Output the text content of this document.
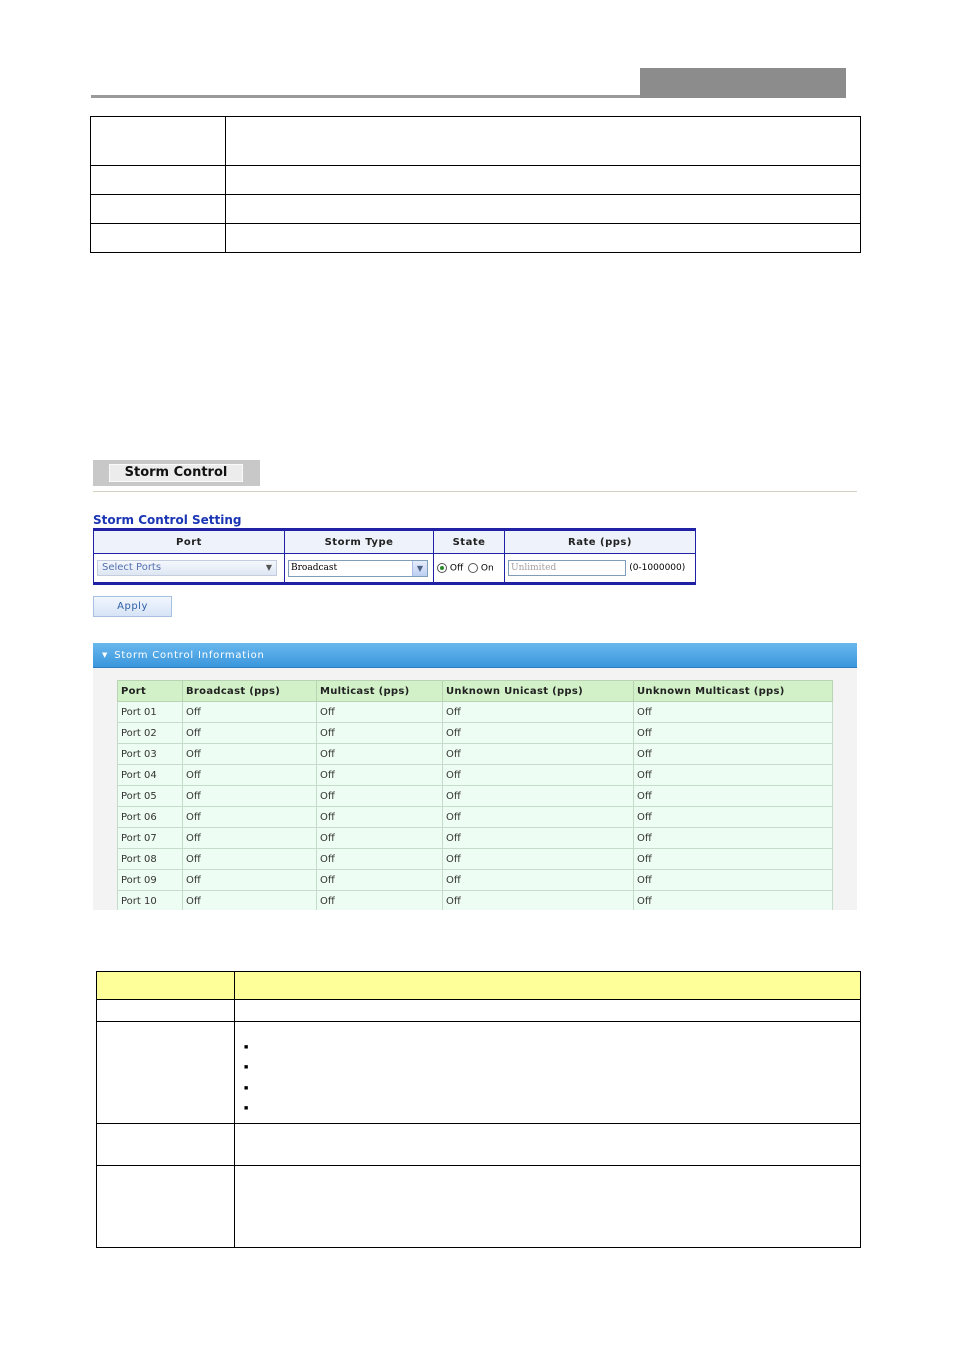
Storm Control
Storm Control Setting
Port	Storm Type	State	Rate (pps)
Select Ports ▼	Broadcast ▼	Off On	Unlimited (0-1000000)
Apply
▼ Storm Control Information
Port	Broadcast (pps)	Multicast (pps)	Unknown Unicast (pps)	Unknown Multicast (pps)
Port 01	Off	Off	Off	Off
Port 02	Off	Off	Off	Off
Port 03	Off	Off	Off	Off
Port 04	Off	Off	Off	Off
Port 05	Off	Off	Off	Off
Port 06	Off	Off	Off	Off
Port 07	Off	Off	Off	Off
Port 08	Off	Off	Off	Off
Port 09	Off	Off	Off	Off
Port 10	Off	Off	Off	Off

	■
■
■
■
